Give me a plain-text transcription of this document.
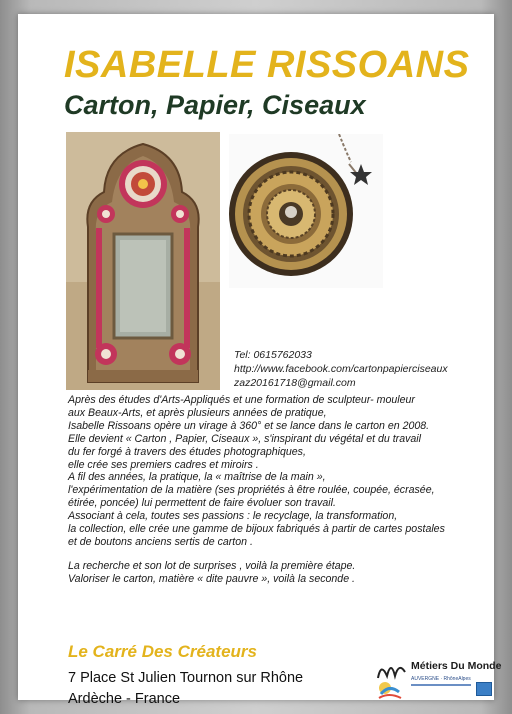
ISABELLE RISSOANS
Carton, Papier, Ciseaux
Tel: 0615762033
http://www.facebook.com/cartonpapierciseaux
zaz20161718@gmail.com
Après des études d'Arts-Appliqués et une formation de sculpteur- mouleur
aux Beaux-Arts, et après plusieurs années de pratique,
Isabelle Rissoans opère un virage à 360° et se lance dans le carton en 2008.
Elle devient « Carton , Papier, Ciseaux », s'inspirant du végétal et du travail
du fer forgé à travers des études photographiques,
elle crée ses premiers cadres et miroirs .
A fil des années, la pratique, la « maîtrise de la main »,
l'expérimentation de la matière (ses propriétés à être roulée, coupée, écrasée,
étirée, poncée) lui permettent de faire évoluer son travail.
Associant à cela, toutes ses passions : le recyclage, la transformation,
la collection, elle crée une gamme de bijoux fabriqués à partir de cartes postales
et de boutons anciens sertis de carton .
La recherche et son lot de surprises , voilà la première étape.
Valoriser le carton, matière « dite pauvre », voilà la seconde .
Le Carré Des Créateurs
7 Place St Julien Tournon sur Rhône
Ardèche - France
Métiers Du Monde
AUVERGNE · RhôneAlpes
